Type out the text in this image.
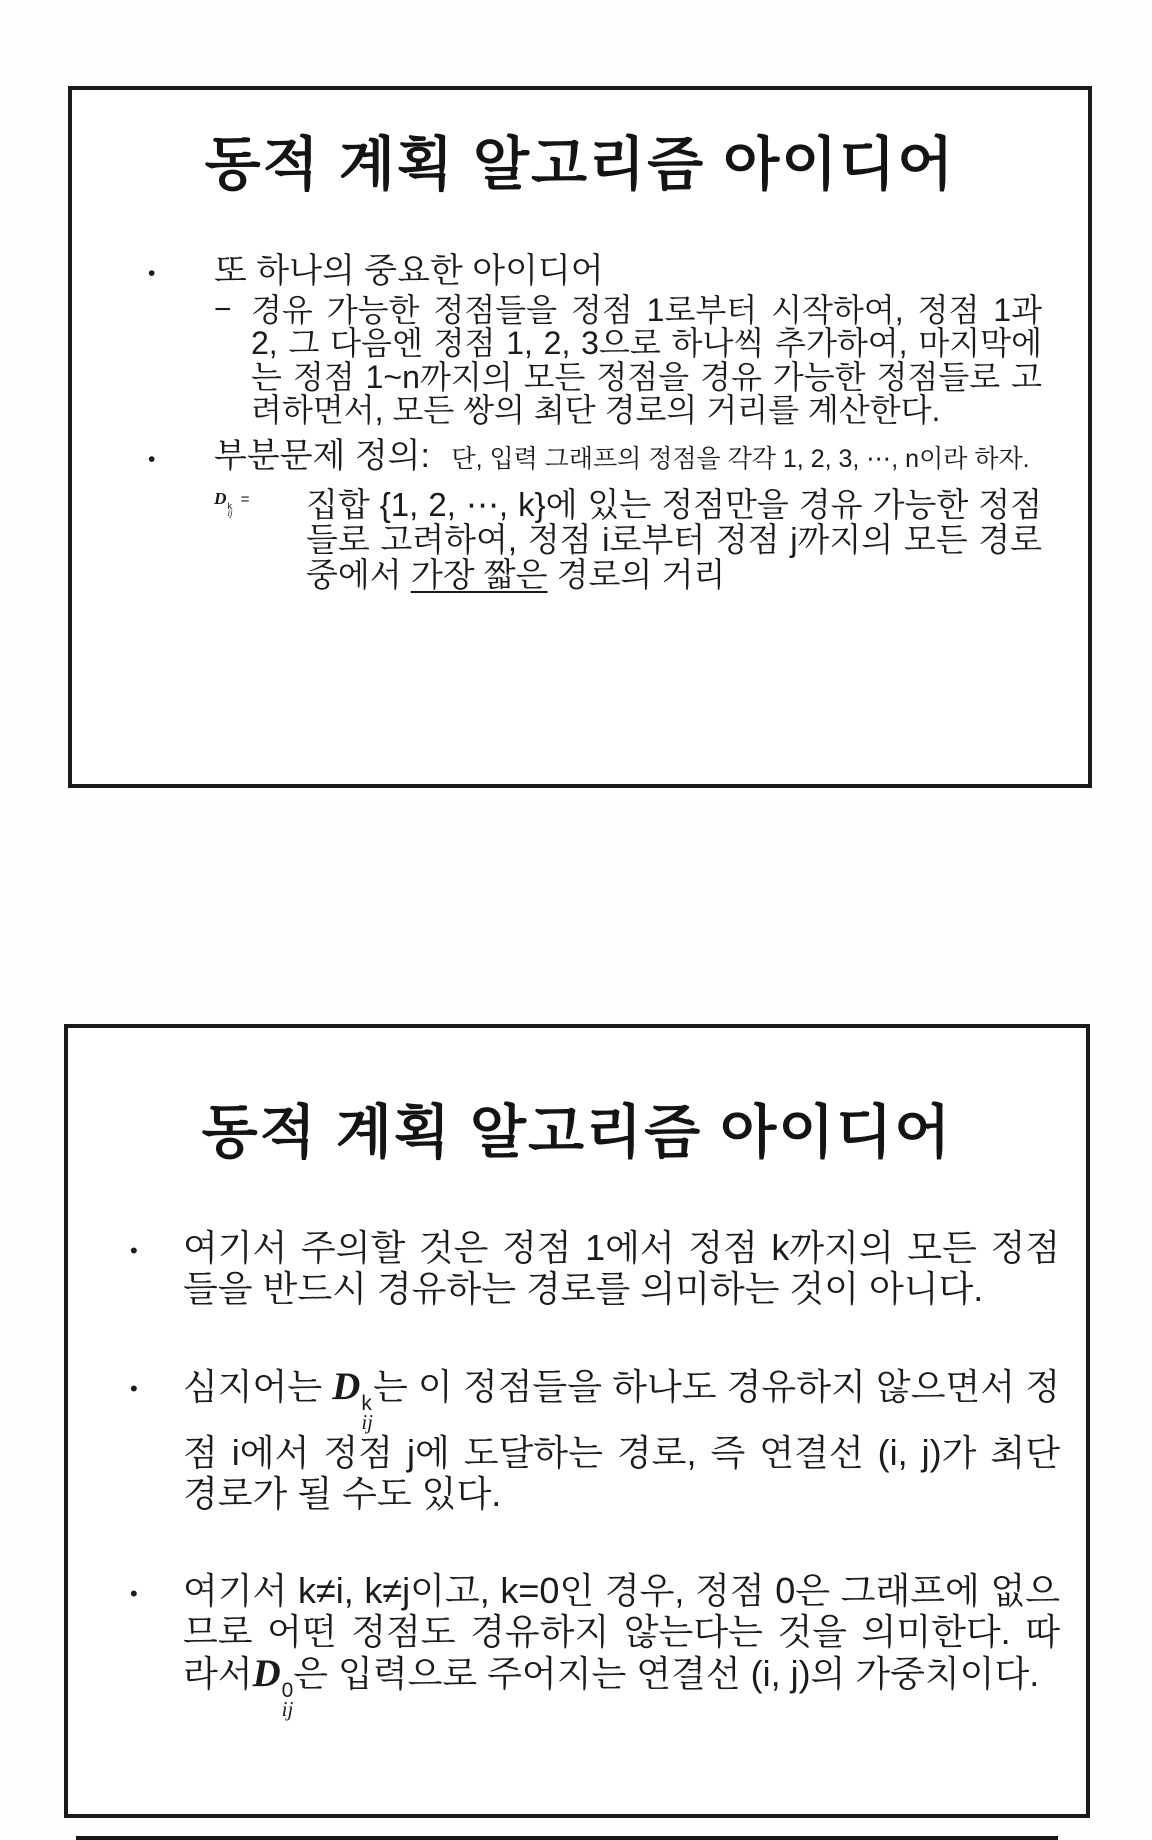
동적 계획 알고리즘 아이디어
•	또 하나의 중요한 아이디어

− 경유 가능한 정점들을 정점 1로부터 시작하여, 정점 1과 2, 그 다음엔 정점 1, 2, 3으로 하나씩 추가하여, 마지막에는 정점 1~n까지의 모든 정점을 경유 가능한 정점들로 고려하면서, 모든 쌍의 최단 경로의 거리를 계산한다.

•	부분문제 정의: 단, 입력 그래프의 정점을 각각 1, 2, 3, ⋯, n이라 하자.

D k
ij
=	집합 {1, 2, ⋯, k}에 있는 정점만을 경유 가능한 정점들로 고려하여, 정점 i로부터 정점 j까지의 모든 경로 중에서 가장 짧은 경로의 거리

동적 계획 알고리즘 아이디어
•	여기서 주의할 것은 정점 1에서 정점 k까지의 모든 정점들을 반드시 경유하는 경로를 의미하는 것이 아니다.

•	심지어는 D k
ij
는 이 정점들을 하나도 경유하지 않으면서 정점 i에서 정점 j에 도달하는 경로, 즉 연결선 (i, j)가 최단 경로가 될 수도 있다.

•	여기서 k≠i, k≠j이고, k=0인 경우, 정점 0은 그래프에 없으므로 어떤 정점도 경유하지 않는다는 것을 의미한다. 따라서D 0
ij
은 입력으로 주어지는 연결선 (i, j)의 가중치이다.
